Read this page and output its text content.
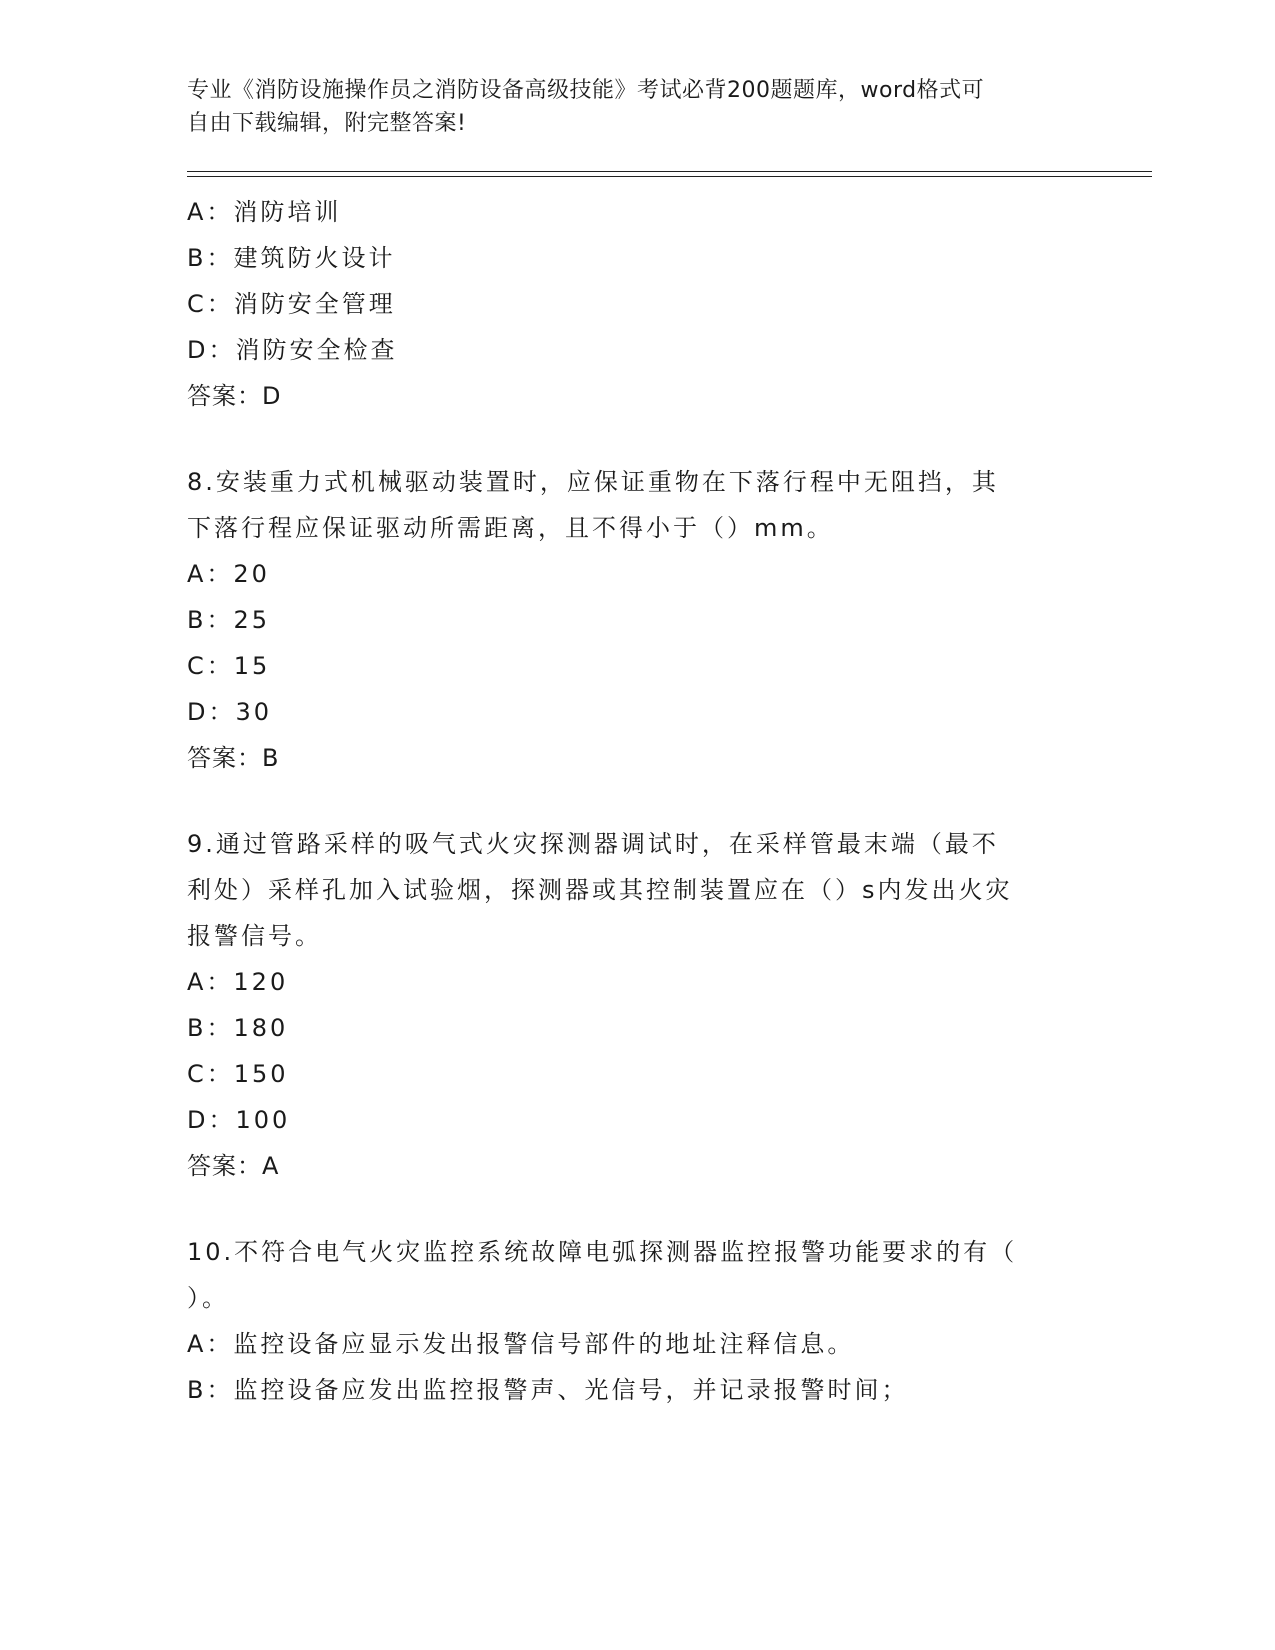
专业《消防设施操作员之消防设备高级技能》考试必背200题题库，word格式可
自由下载编辑，附完整答案!
A：消防培训
B：建筑防火设计
C：消防安全管理
D：消防安全检查
答案：D
8.安装重力式机械驱动装置时，应保证重物在下落行程中无阻挡，其
下落行程应保证驱动所需距离，且不得小于（）mm。
A：20
B：25
C：15
D：30
答案：B
9.通过管路采样的吸气式火灾探测器调试时，在采样管最末端（最不
利处）采样孔加入试验烟，探测器或其控制装置应在（）s内发出火灾
报警信号。
A：120
B：180
C：150
D：100
答案：A
10.不符合电气火灾监控系统故障电弧探测器监控报警功能要求的有（
）。
A：监控设备应显示发出报警信号部件的地址注释信息。
B：监控设备应发出监控报警声、光信号，并记录报警时间；
